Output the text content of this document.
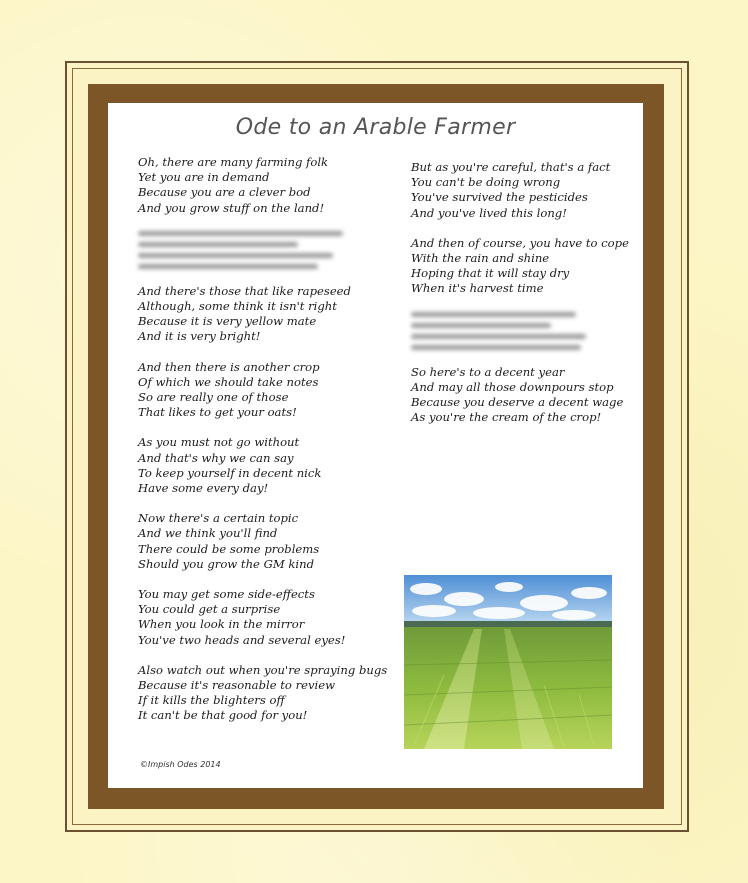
Ode to an Arable Farmer
Oh, there are many farming folk
Yet you are in demand
Because you are a clever bod
And you grow stuff on the land!
And there's those that like rapeseed
Although, some think it isn't right
Because it is very yellow mate
And it is very bright!
And then there is another crop
Of which we should take notes
So are really one of those
That likes to get your oats!
As you must not go without
And that's why we can say
To keep yourself in decent nick
Have some every day!
Now there's a certain topic
And we think you'll find
There could be some problems
Should you grow the GM kind
You may get some side-effects
You could get a surprise
When you look in the mirror
You've two heads and several eyes!
Also watch out when you're spraying bugs
Because it's reasonable to review
If it kills the blighters off
It can't be that good for you!
But as you're careful, that's a fact
You can't be doing wrong
You've survived the pesticides
And you've lived this long!
And then of course, you have to cope
With the rain and shine
Hoping that it will stay dry
When it's harvest time
So here's to a decent year
And may all those downpours stop
Because you deserve a decent wage
As you're the cream of the crop!
©Impish Odes 2014
